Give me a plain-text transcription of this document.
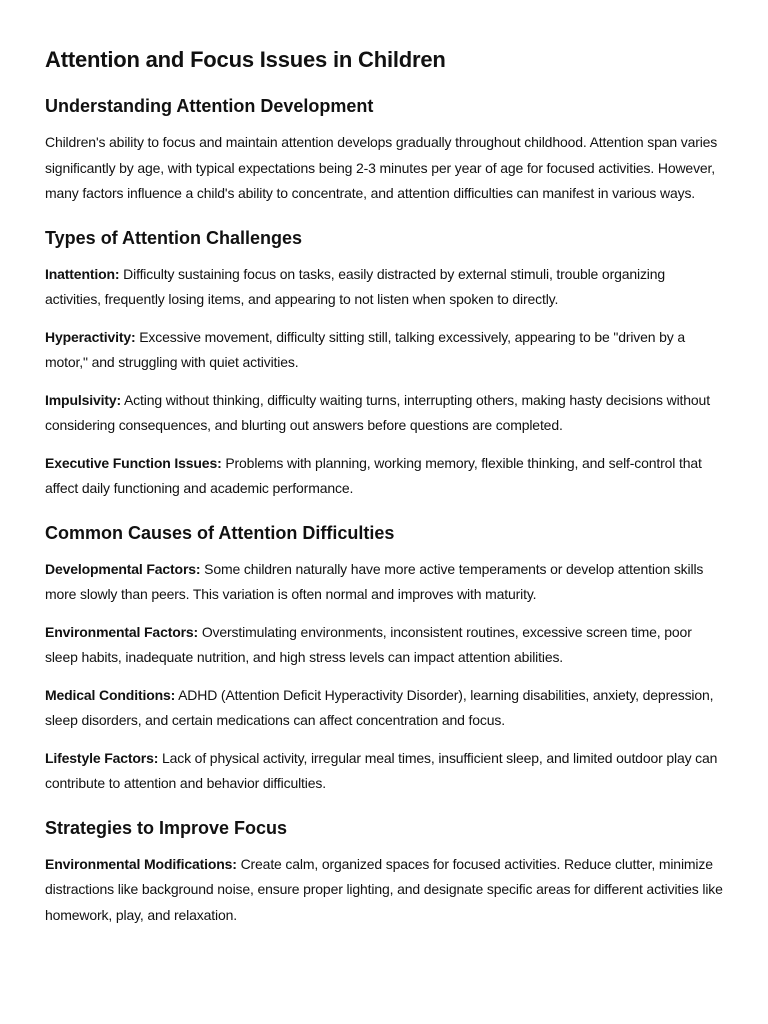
Attention and Focus Issues in Children
Understanding Attention Development

Children's ability to focus and maintain attention develops gradually throughout childhood. Attention span varies significantly by age, with typical expectations being 2-3 minutes per year of age for focused activities. However, many factors influence a child's ability to concentrate, and attention difficulties can manifest in various ways.

Types of Attention Challenges

Inattention: Difficulty sustaining focus on tasks, easily distracted by external stimuli, trouble organizing activities, frequently losing items, and appearing to not listen when spoken to directly.

Hyperactivity: Excessive movement, difficulty sitting still, talking excessively, appearing to be "driven by a motor," and struggling with quiet activities.

Impulsivity: Acting without thinking, difficulty waiting turns, interrupting others, making hasty decisions without considering consequences, and blurting out answers before questions are completed.

Executive Function Issues: Problems with planning, working memory, flexible thinking, and self-control that affect daily functioning and academic performance.

Common Causes of Attention Difficulties

Developmental Factors: Some children naturally have more active temperaments or develop attention skills more slowly than peers. This variation is often normal and improves with maturity.

Environmental Factors: Overstimulating environments, inconsistent routines, excessive screen time, poor sleep habits, inadequate nutrition, and high stress levels can impact attention abilities.

Medical Conditions: ADHD (Attention Deficit Hyperactivity Disorder), learning disabilities, anxiety, depression, sleep disorders, and certain medications can affect concentration and focus.

Lifestyle Factors: Lack of physical activity, irregular meal times, insufficient sleep, and limited outdoor play can contribute to attention and behavior difficulties.

Strategies to Improve Focus

Environmental Modifications: Create calm, organized spaces for focused activities. Reduce clutter, minimize distractions like background noise, ensure proper lighting, and designate specific areas for different activities like homework, play, and relaxation.
